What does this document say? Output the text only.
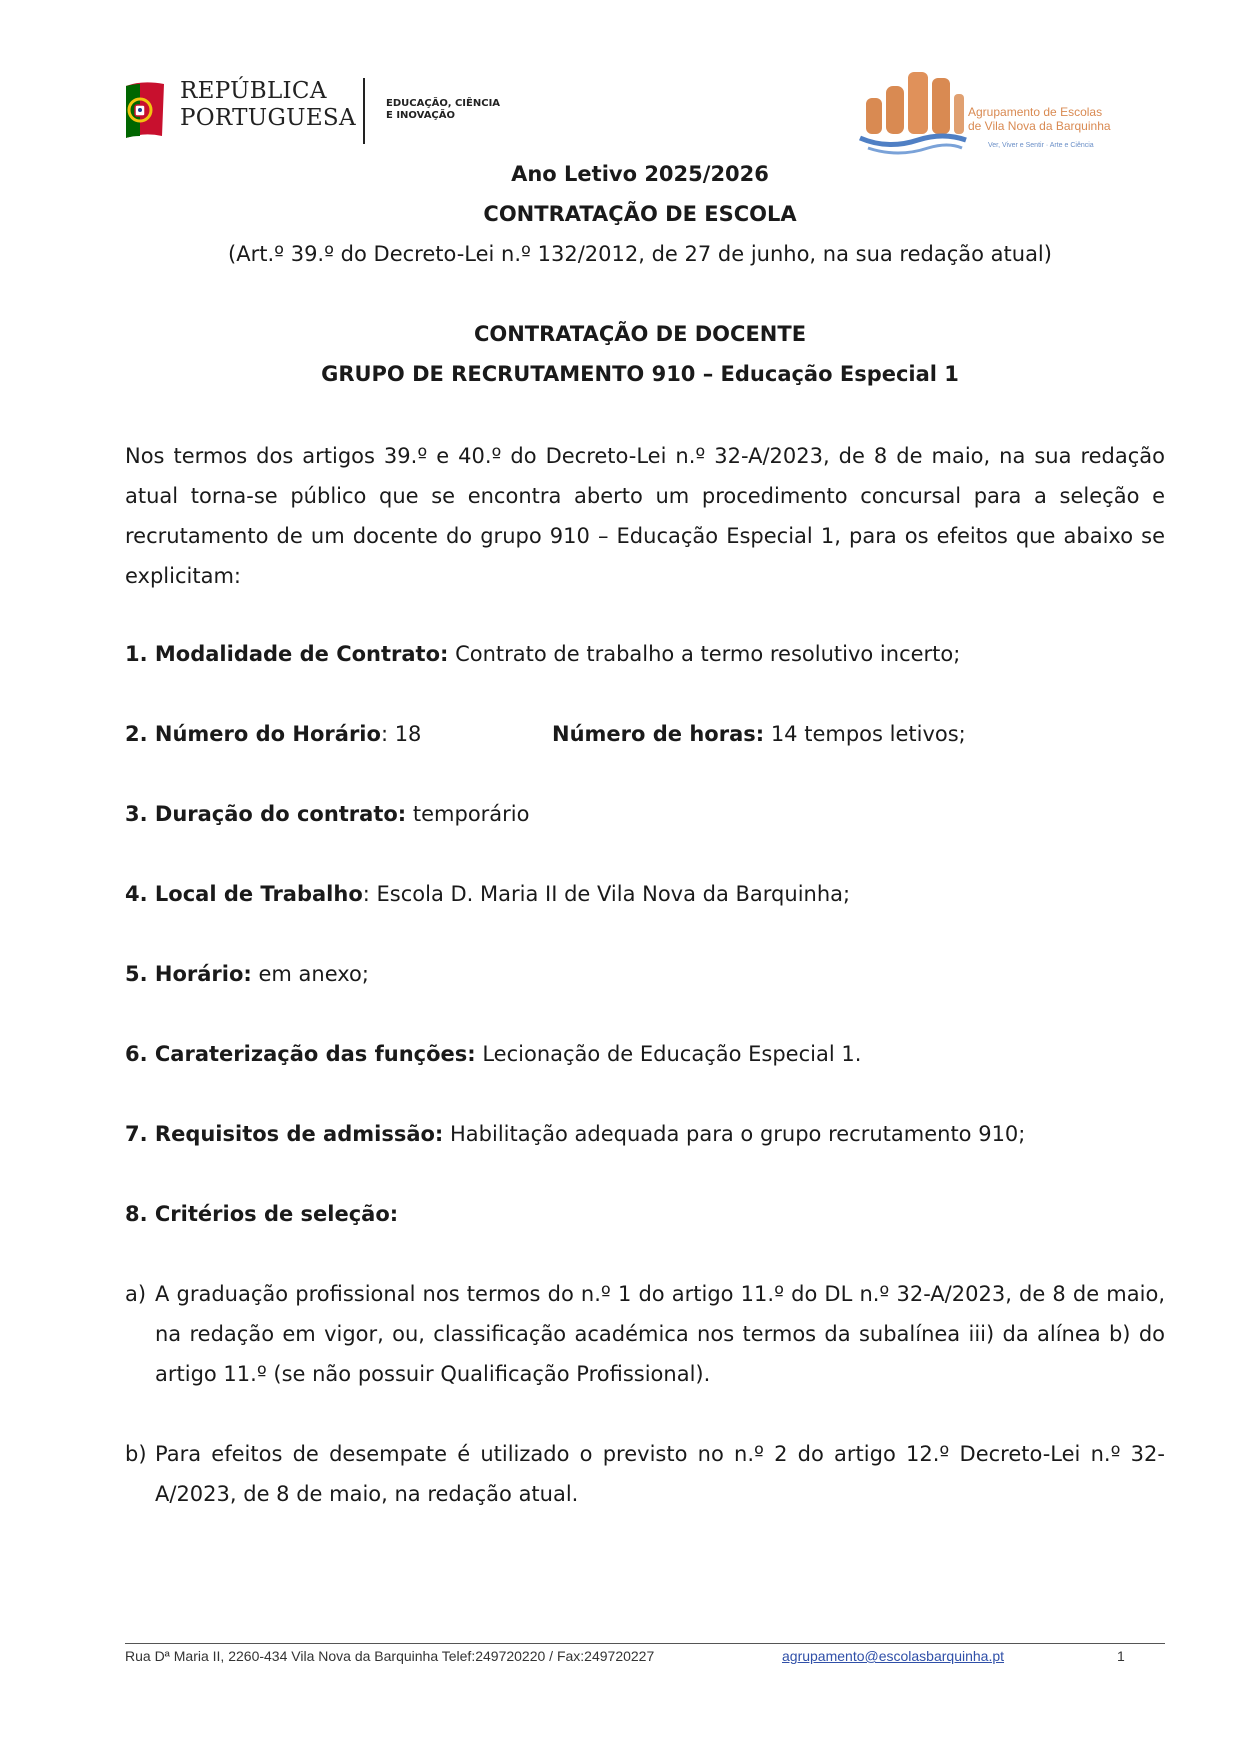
REPÚBLICA
PORTUGUESA
EDUCAÇÃO, CIÊNCIA
E INOVAÇÃO	Agrupamento de Escolas
de Vila Nova da Barquinha
Ver, Viver e Sentir · Arte e Ciência
Ano Letivo 2025/2026
CONTRATAÇÃO DE ESCOLA
(Art.º 39.º do Decreto-Lei n.º 132/2012, de 27 de junho, na sua redação atual)
CONTRATAÇÃO DE DOCENTE
GRUPO DE RECRUTAMENTO 910 – Educação Especial 1
Nos termos dos artigos 39.º e 40.º do Decreto-Lei n.º 32-A/2023, de 8 de maio, na sua redação atual torna-se público que se encontra aberto um procedimento concursal para a seleção e recrutamento de um docente do grupo 910 – Educação Especial 1, para os efeitos que abaixo se explicitam:
1. Modalidade de Contrato: Contrato de trabalho a termo resolutivo incerto;
2. Número do Horário: 18	Número de horas: 14 tempos letivos;
3. Duração do contrato: temporário
4. Local de Trabalho: Escola D. Maria II de Vila Nova da Barquinha;
5. Horário: em anexo;
6. Caraterização das funções: Lecionação de Educação Especial 1.
7. Requisitos de admissão: Habilitação adequada para o grupo recrutamento 910;
8. Critérios de seleção:
a) A graduação profissional nos termos do n.º 1 do artigo 11.º do DL n.º 32-A/2023, de 8 de maio, na redação em vigor, ou, classificação académica nos termos da subalínea iii) da alínea b) do artigo 11.º (se não possuir Qualificação Profissional).
b) Para efeitos de desempate é utilizado o previsto no n.º 2 do artigo 12.º Decreto-Lei n.º 32-A/2023, de 8 de maio, na redação atual.
Rua Dª Maria II, 2260-434 Vila Nova da Barquinha Telef:249720220 / Fax:249720227	agrupamento@escolasbarquinha.pt	1
